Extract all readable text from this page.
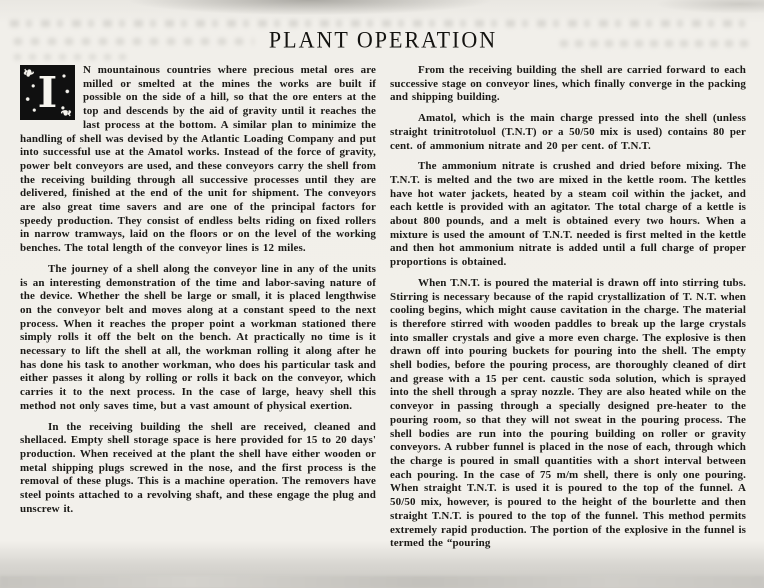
PLANT OPERATION

❧ I ❧
N mountainous countries where precious metal ores are milled or smelted at the mines the works are built if possible on the side of a hill, so that the ore enters at the top and descends by the aid of gravity until it reaches the last process at the bottom. A similar plan to minimize the handling of shell was devised by the Atlantic Loading Company and put into successful use at the Amatol works. Instead of the force of gravity, power belt conveyors are used, and these conveyors carry the shell from the receiving building through all successive processes until they are delivered, finished at the end of the unit for shipment. The conveyors are also great time savers and are one of the principal factors for speedy production. They consist of endless belts riding on fixed rollers in narrow tramways, laid on the floors or on the level of the working benches. The total length of the conveyor lines is 12 miles.

The journey of a shell along the conveyor line in any of the units is an interesting demonstration of the time and labor-saving nature of the device. Whether the shell be large or small, it is placed lengthwise on the conveyor belt and moves along at a constant speed to the next process. When it reaches the proper point a workman stationed there simply rolls it off the belt on the bench. At practically no time is it necessary to lift the shell at all, the workman rolling it along after he has done his task to another workman, who does his particular task and either passes it along by rolling or rolls it back on the conveyor, which carries it to the next process. In the case of large, heavy shell this method not only saves time, but a vast amount of physical exertion.

In the receiving building the shell are received, cleaned and shellaced. Empty shell storage space is here provided for 15 to 20 days' production. When received at the plant the shell have either wooden or metal shipping plugs screwed in the nose, and the first process is the removal of these plugs. This is a machine operation. The removers have steel points attached to a revolving shaft, and these engage the plug and unscrew it.

From the receiving building the shell are carried forward to each successive stage on conveyor lines, which finally converge in the packing and shipping building.

Amatol, which is the main charge pressed into the shell (unless straight trinitrotoluol (T.N.T) or a 50/50 mix is used) contains 80 per cent. of ammonium nitrate and 20 per cent. of T.N.T.

The ammonium nitrate is crushed and dried before mixing. The T.N.T. is melted and the two are mixed in the kettle room. The kettles have hot water jackets, heated by a steam coil within the jacket, and each kettle is provided with an agitator. The total charge of a kettle is about 800 pounds, and a melt is obtained every two hours. When a mixture is used the amount of T.N.T. needed is first melted in the kettle and then hot ammonium nitrate is added until a full charge of proper proportions is obtained.

When T.N.T. is poured the material is drawn off into stirring tubs. Stirring is necessary because of the rapid crystallization of T. N.T. when cooling begins, which might cause cavitation in the charge. The material is therefore stirred with wooden paddles to break up the large crystals into smaller crystals and give a more even charge. The explosive is then drawn off into pouring buckets for pouring into the shell. The empty shell bodies, before the pouring process, are thoroughly cleaned of dirt and grease with a 15 per cent. caustic soda solution, which is sprayed into the shell through a spray nozzle. They are also heated while on the conveyor in passing through a specially designed pre-heater to the pouring room, so that they will not sweat in the pouring process. The shell bodies are run into the pouring building on roller or gravity conveyors. A rubber funnel is placed in the nose of each, through which the charge is poured in small quantities with a short interval between each pouring. In the case of 75 m/m shell, there is only one pouring. When straight T.N.T. is used it is poured to the top of the funnel. A 50/50 mix, however, is poured to the height of the bourlette and then straight T.N.T. is poured to the top of the funnel. This method permits extremely rapid production. The portion of the explosive in the funnel is termed the “pouring
